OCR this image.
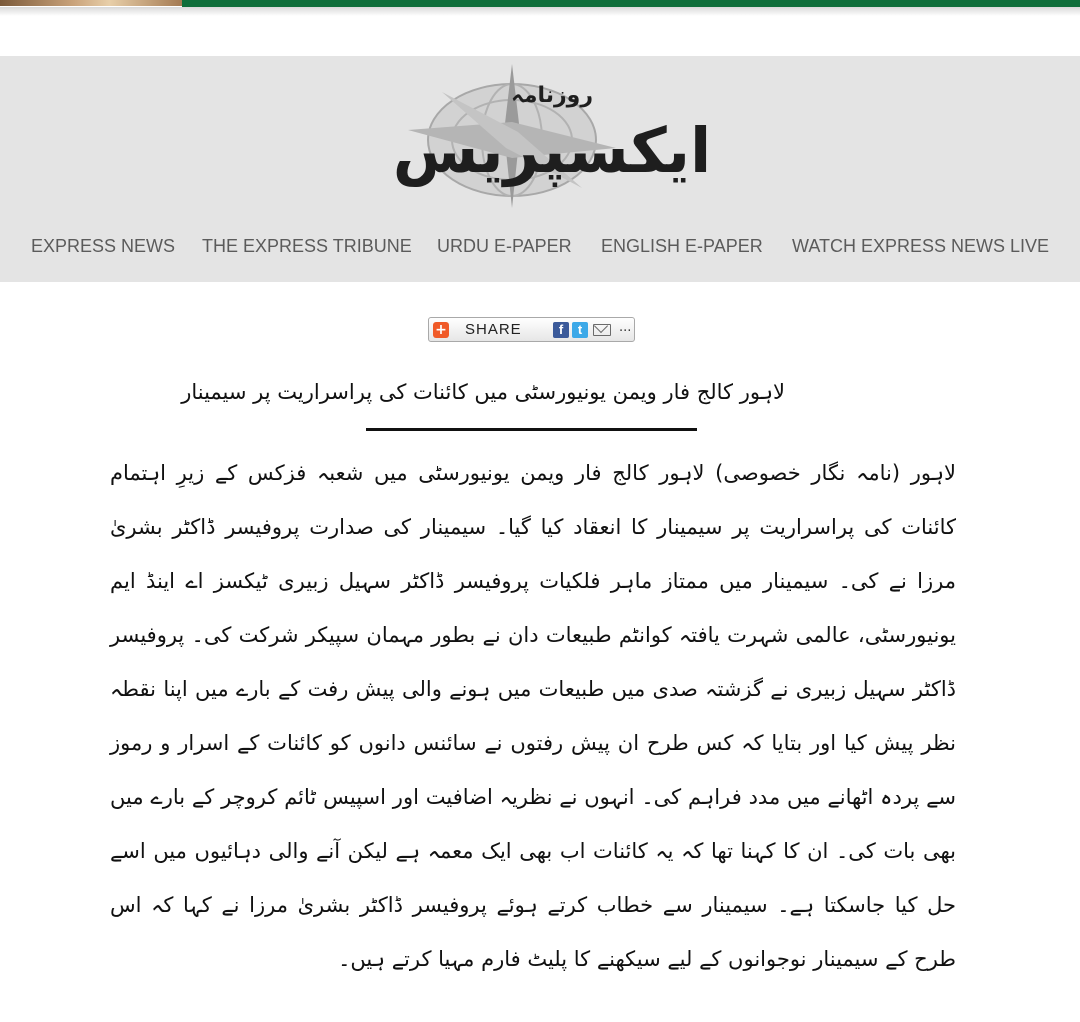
ایکسپریس
روزنامہ
EXPRESS NEWS THE EXPRESS TRIBUNE URDU E-PAPER ENGLISH E-PAPER WATCH EXPRESS NEWS LIVE
+ SHARE	f	t	...
لاہور کالج فار ویمن یونیورسٹی میں کائنات کی پراسراریت پر سیمینار
لاہور (نامہ نگار خصوصی) لاہور کالج فار ویمن یونیورسٹی میں شعبہ فزکس کے زیرِ اہتمام کائنات کی پراسراریت پر سیمینار کا انعقاد کیا گیا۔ سیمینار کی صدارت پروفیسر ڈاکٹر بشریٰ مرزا نے کی۔ سیمینار میں ممتاز ماہر فلکیات پروفیسر ڈاکٹر سہیل زبیری ٹیکسز اے اینڈ ایم یونیورسٹی، عالمی شہرت یافتہ کوانٹم طبیعات دان نے بطور مہمان سپیکر شرکت کی۔ پروفیسر ڈاکٹر سہیل زبیری نے گزشتہ صدی میں طبیعات میں ہونے والی پیش رفت کے بارے میں اپنا نقطہ نظر پیش کیا اور بتایا کہ کس طرح ان پیش رفتوں نے سائنس دانوں کو کائنات کے اسرار و رموز سے پردہ اٹھانے میں مدد فراہم کی۔ انہوں نے نظریہ اضافیت اور اسپیس ٹائم کروچر کے بارے میں بھی بات کی۔ ان کا کہنا تھا کہ یہ کائنات اب بھی ایک معمہ ہے لیکن آنے والی دہائیوں میں اسے حل کیا جاسکتا ہے۔ سیمینار سے خطاب کرتے ہوئے پروفیسر ڈاکٹر بشریٰ مرزا نے کہا کہ اس طرح کے سیمینار نوجوانوں کے لیے سیکھنے کا پلیٹ فارم مہیا کرتے ہیں۔
